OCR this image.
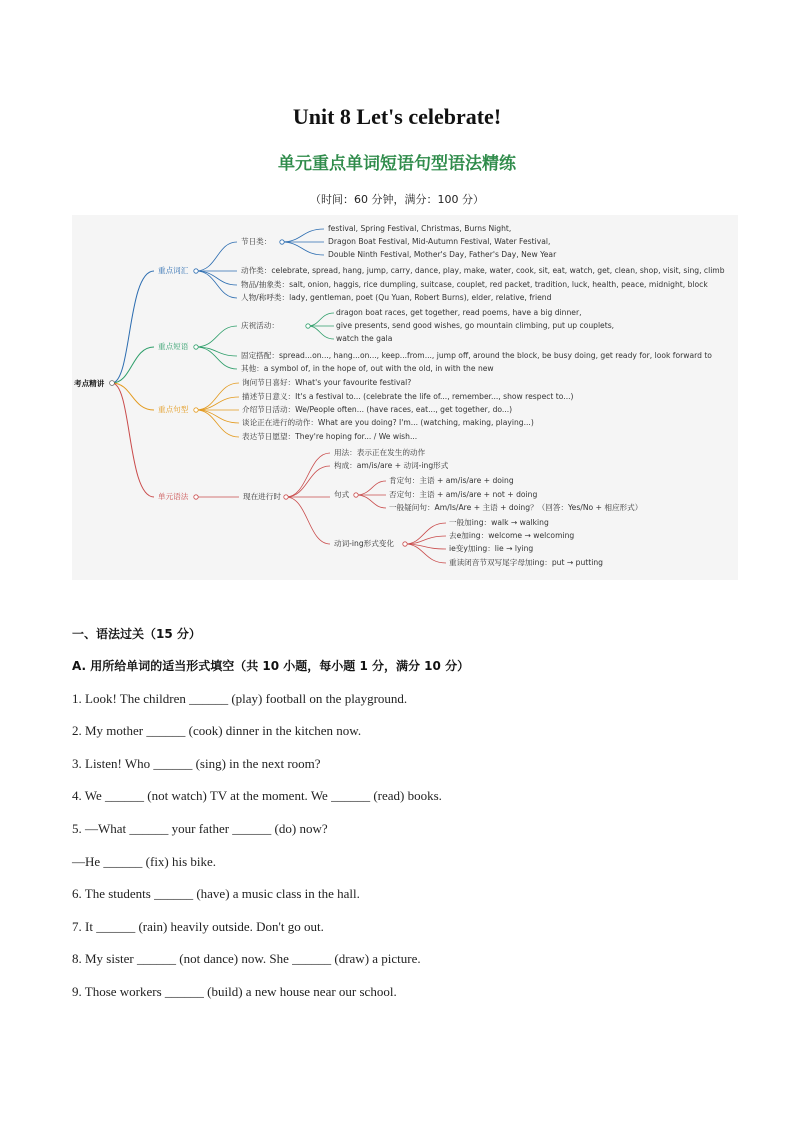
Unit 8 Let's celebrate!
单元重点单词短语句型语法精练
（时间：60 分钟，满分：100 分）
考点精讲
重点词汇
节日类：
festival, Spring Festival, Christmas, Burns Night,
Dragon Boat Festival, Mid-Autumn Festival, Water Festival,
Double Ninth Festival, Mother's Day, Father's Day, New Year
动作类：celebrate, spread, hang, jump, carry, dance, play, make, water, cook, sit, eat, watch, get, clean, shop, visit, sing, climb
物品/抽象类：salt, onion, haggis, rice dumpling, suitcase, couplet, red packet, tradition, luck, health, peace, midnight, block
人物/称呼类：lady, gentleman, poet (Qu Yuan, Robert Burns), elder, relative, friend
重点短语
庆祝活动：
dragon boat races, get together, read poems, have a big dinner,
give presents, send good wishes, go mountain climbing, put up couplets,
watch the gala
固定搭配：spread...on..., hang...on..., keep...from..., jump off, around the block, be busy doing, get ready for, look forward to
其他：a symbol of, in the hope of, out with the old, in with the new
重点句型
询问节日喜好：What's your favourite festival?
描述节日意义：It's a festival to... (celebrate the life of..., remember..., show respect to...)
介绍节日活动：We/People often... (have races, eat..., get together, do...)
谈论正在进行的动作：What are you doing? I'm... (watching, making, playing...)
表达节日愿望：They're hoping for... / We wish...
单元语法	现在进行时
用法：表示正在发生的动作
构成：am/is/are + 动词-ing形式
句式
肯定句：主语 + am/is/are + doing
否定句：主语 + am/is/are + not + doing
一般疑问句：Am/Is/Are + 主语 + doing？（回答：Yes/No + 相应形式）
动词-ing形式变化
一般加ing：walk → walking
去e加ing：welcome → welcoming
ie变y加ing：lie → lying
重读闭音节双写尾字母加ing：put → putting
一、语法过关（15 分）
A. 用所给单词的适当形式填空（共 10 小题，每小题 1 分，满分 10 分）
1. Look! The children ______ (play) football on the playground.
2. My mother ______ (cook) dinner in the kitchen now.
3. Listen! Who ______ (sing) in the next room?
4. We ______ (not watch) TV at the moment. We ______ (read) books.
5. —What ______ your father ______ (do) now?
—He ______ (fix) his bike.
6. The students ______ (have) a music class in the hall.
7. It ______ (rain) heavily outside. Don't go out.
8. My sister ______ (not dance) now. She ______ (draw) a picture.
9. Those workers ______ (build) a new house near our school.
